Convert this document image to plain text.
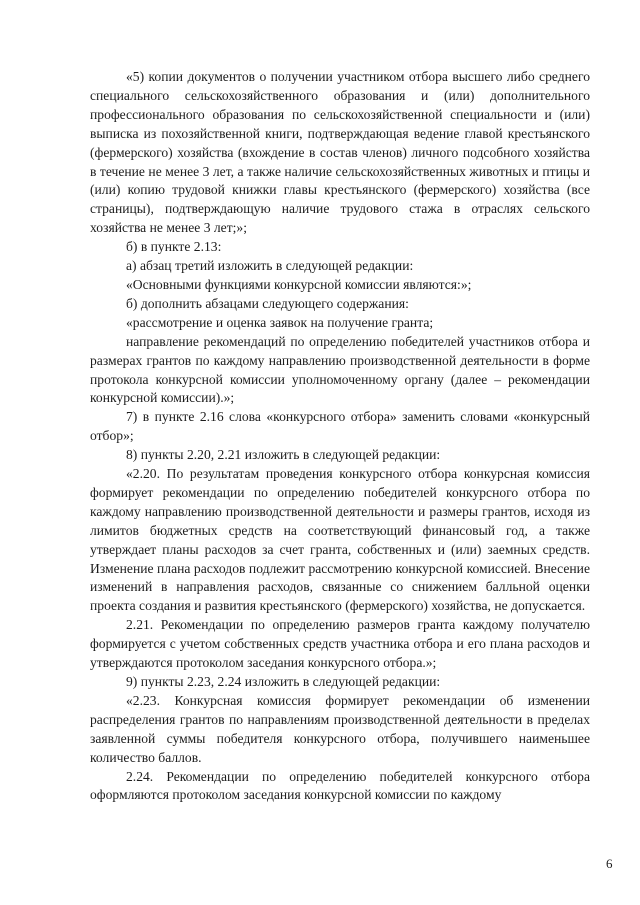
«5) копии документов о получении участником отбора высшего либо среднего специального сельскохозяйственного образования и (или) дополнительного профессионального образования по сельскохозяйственной специальности и (или) выписка из похозяйственной книги, подтверждающая ведение главой крестьянского (фермерского) хозяйства (вхождение в состав членов) личного подсобного хозяйства в течение не менее 3 лет, а также наличие сельскохозяйственных животных и птицы и (или) копию трудовой книжки главы крестьянского (фермерского) хозяйства (все страницы), подтверждающую наличие трудового стажа в отраслях сельского хозяйства не менее 3 лет;»;

б) в пункте 2.13:

а) абзац третий изложить в следующей редакции:

«Основными функциями конкурсной комиссии являются:»;

б) дополнить абзацами следующего содержания:

«рассмотрение и оценка заявок на получение гранта;

направление рекомендаций по определению победителей участников отбора и размерах грантов по каждому направлению производственной деятельности в форме протокола конкурсной комиссии уполномоченному органу (далее – рекомендации конкурсной комиссии).»;

7) в пункте 2.16 слова «конкурсного отбора» заменить словами «конкурсный отбор»;

8) пункты 2.20, 2.21 изложить в следующей редакции:

«2.20. По результатам проведения конкурсного отбора конкурсная комиссия формирует рекомендации по определению победителей конкурсного отбора по каждому направлению производственной деятельности и размеры грантов, исходя из лимитов бюджетных средств на соответствующий финансовый год, а также утверждает планы расходов за счет гранта, собственных и (или) заемных средств. Изменение плана расходов подлежит рассмотрению конкурсной комиссией. Внесение изменений в направления расходов, связанные со снижением балльной оценки проекта создания и развития крестьянского (фермерского) хозяйства, не допускается.

2.21. Рекомендации по определению размеров гранта каждому получателю формируется с учетом собственных средств участника отбора и его плана расходов и утверждаются протоколом заседания конкурсного отбора.»;

9) пункты 2.23, 2.24 изложить в следующей редакции:

«2.23. Конкурсная комиссия формирует рекомендации об изменении распределения грантов по направлениям производственной деятельности в пределах заявленной суммы победителя конкурсного отбора, получившего наименьшее количество баллов.

2.24. Рекомендации по определению победителей конкурсного отбора оформляются протоколом заседания конкурсной комиссии по каждому

6
